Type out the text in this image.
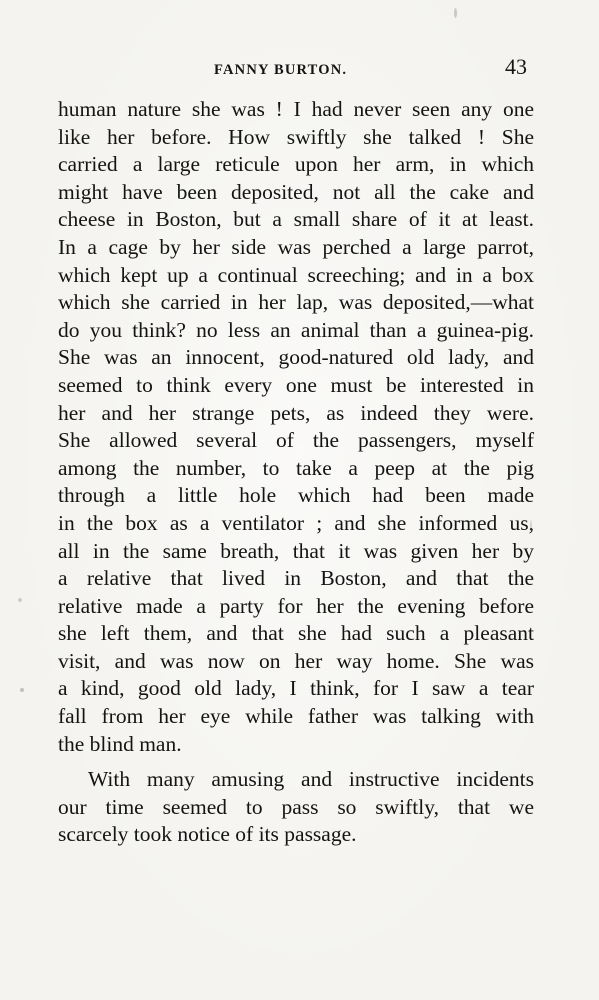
FANNY BURTON.	43
human nature she was ! I had never seen any one
like her before. How swiftly she talked ! She
carried a large reticule upon her arm, in which
might have been deposited, not all the cake and
cheese in Boston, but a small share of it at least.
In a cage by her side was perched a large parrot,
which kept up a continual screeching; and in a box
which she carried in her lap, was deposited,—what
do you think? no less an animal than a guinea-pig.
She was an innocent, good-natured old lady, and
seemed to think every one must be interested in
her and her strange pets, as indeed they were.
She allowed several of the passengers, myself
among the number, to take a peep at the pig
through a little hole which had been made
in the box as a ventilator ; and she informed us,
all in the same breath, that it was given her by
a relative that lived in Boston, and that the
relative made a party for her the evening before
she left them, and that she had such a pleasant
visit, and was now on her way home. She was
a kind, good old lady, I think, for I saw a tear
fall from her eye while father was talking with
the blind man.
With many amusing and instructive incidents
our time seemed to pass so swiftly, that we
scarcely took notice of its passage.
